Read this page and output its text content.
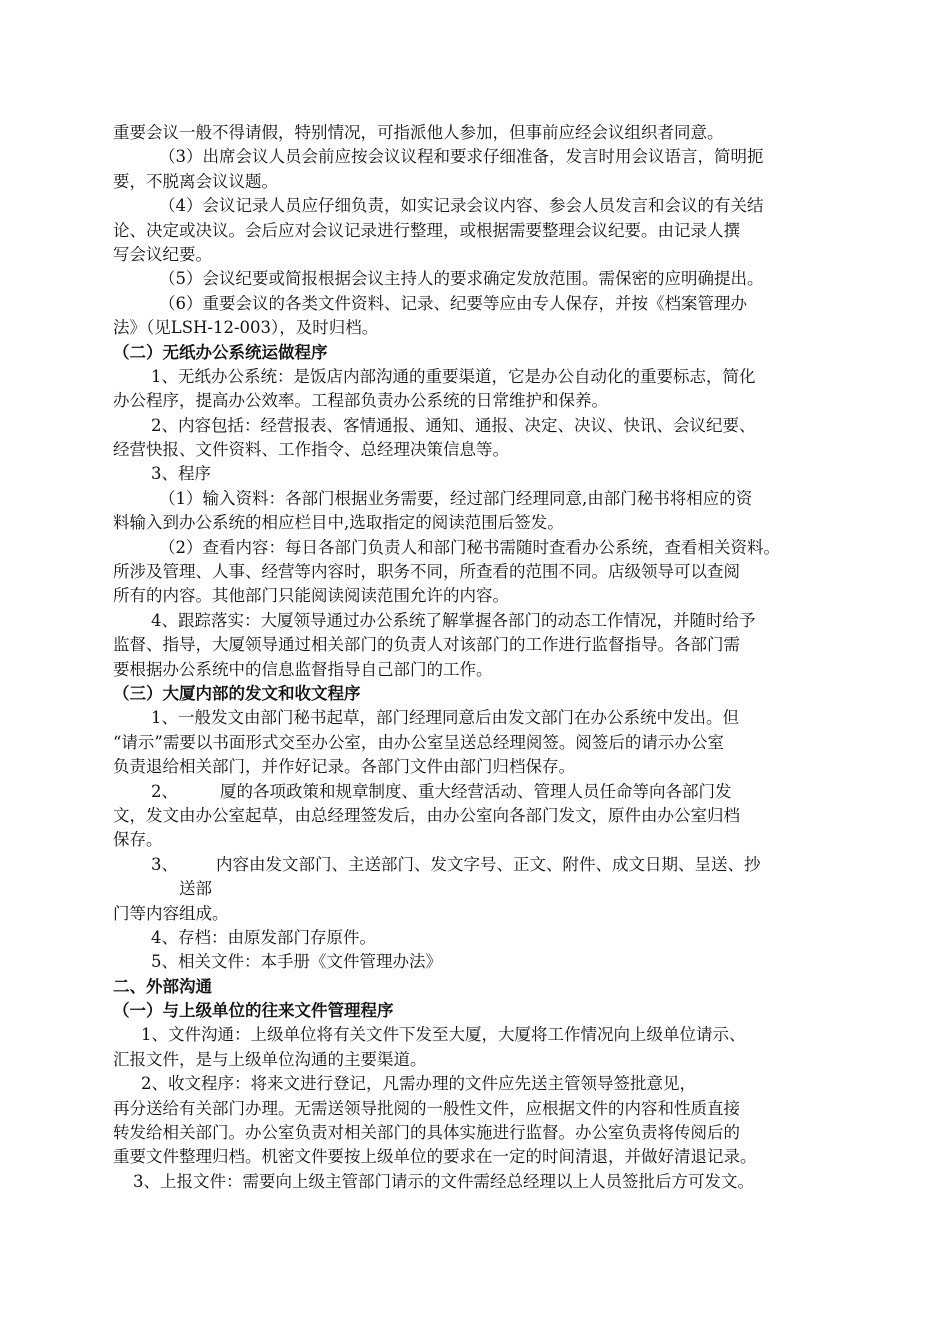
重要会议一般不得请假，特别情况，可指派他人参加，但事前应经会议组织者同意。
（3）出席会议人员会前应按会议议程和要求仔细准备，发言时用会议语言，简明扼
要，不脱离会议议题。
（4）会议记录人员应仔细负责，如实记录会议内容、参会人员发言和会议的有关结
论、决定或决议。会后应对会议记录进行整理，或根据需要整理会议纪要。由记录人撰
写会议纪要。
（5）会议纪要或简报根据会议主持人的要求确定发放范围。需保密的应明确提出。
（6）重要会议的各类文件资料、记录、纪要等应由专人保存，并按《档案管理办
法》（见LSH-12-003），及时归档。
（二）无纸办公系统运做程序
1、无纸办公系统：是饭店内部沟通的重要渠道，它是办公自动化的重要标志，简化
办公程序，提高办公效率。工程部负责办公系统的日常维护和保养。
2、内容包括：经营报表、客情通报、通知、通报、决定、决议、快讯、会议纪要、
经营快报、文件资料、工作指令、总经理决策信息等。
3、程序
（1）输入资料：各部门根据业务需要，经过部门经理同意,由部门秘书将相应的资
料输入到办公系统的相应栏目中,选取指定的阅读范围后签发。
（2）查看内容：每日各部门负责人和部门秘书需随时查看办公系统，查看相关资料。
所涉及管理、人事、经营等内容时，职务不同，所查看的范围不同。店级领导可以查阅
所有的内容。其他部门只能阅读阅读范围允许的内容。
4、跟踪落实：大厦领导通过办公系统了解掌握各部门的动态工作情况，并随时给予
监督、指导，大厦领导通过相关部门的负责人对该部门的工作进行监督指导。各部门需
要根据办公系统中的信息监督指导自己部门的工作。
（三）大厦内部的发文和收文程序
1、一般发文由部门秘书起草，部门经理同意后由发文部门在办公系统中发出。但
“请示”需要以书面形式交至办公室，由办公室呈送总经理阅签。阅签后的请示办公室
负责退给相关部门，并作好记录。各部门文件由部门归档保存。
2、	厦的各项政策和规章制度、重大经营活动、管理人员任命等向各部门发
文，发文由办公室起草，由总经理签发后，由办公室向各部门发文，原件由办公室归档
保存。
3、 内容由发文部门、主送部门、发文字号、正文、附件、成文日期、呈送、抄
送部
门等内容组成。
4、存档：由原发部门存原件。
5、相关文件：本手册《文件管理办法》
二、外部沟通
（一）与上级单位的往来文件管理程序
1、文件沟通：上级单位将有关文件下发至大厦，大厦将工作情况向上级单位请示、
汇报文件，是与上级单位沟通的主要渠道。
2、收文程序：将来文进行登记，凡需办理的文件应先送主管领导签批意见，
再分送给有关部门办理。无需送领导批阅的一般性文件，应根据文件的内容和性质直接
转发给相关部门。办公室负责对相关部门的具体实施进行监督。办公室负责将传阅后的
重要文件整理归档。机密文件要按上级单位的要求在一定的时间清退，并做好清退记录。
3、上报文件：需要向上级主管部门请示的文件需经总经理以上人员签批后方可发文。
